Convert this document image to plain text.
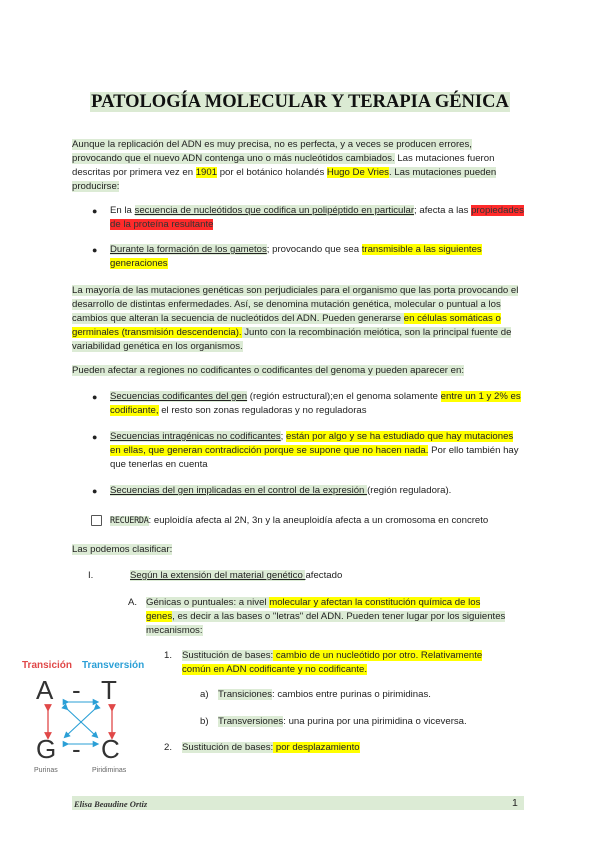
PATOLOGÍA MOLECULAR Y TERAPIA GÉNICA

Aunque la replicación del ADN es muy precisa, no es perfecta, y a veces se producen errores, provocando que el nuevo ADN contenga uno o más nucleótidos cambiados. Las mutaciones fueron descritas por primera vez en 1901 por el botánico holandés Hugo De Vries. Las mutaciones pueden producirse:

●	En la secuencia de nucleótidos que codifica un polipéptido en particular; afecta a las propiedades de la proteína resultante

●	Durante la formación de los gametos; provocando que sea transmisible a las siguientes generaciones

La mayoría de las mutaciones genéticas son perjudiciales para el organismo que las porta provocando el desarrollo de distintas enfermedades. Así, se denomina mutación genética, molecular o puntual a los cambios que alteran la secuencia de nucleótidos del ADN. Pueden generarse en células somáticas o germinales (transmisión descendencia). Junto con la recombinación meiótica, son la principal fuente de variabilidad genética en los organismos.

Pueden afectar a regiones no codificantes o codificantes del genoma y pueden aparecer en:

●	Secuencias codificantes del gen (región estructural);en el genoma solamente entre un 1 y 2% es codificante, el resto son zonas reguladoras y no reguladoras

●	Secuencias intragénicas no codificantes; están por algo y se ha estudiado que hay mutaciones en ellas, que generan contradicción porque se supone que no hacen nada. Por ello también hay que tenerlas en cuenta

●	Secuencias del gen implicadas en el control de la expresión (región reguladora).

RECUERDA: euploidía afecta al 2N, 3n y la aneuploidía afecta a un cromosoma en concreto

Las podemos clasificar:

I.	Según la extensión del material genético afectado

A. Génicas o puntuales: a nivel molecular y afectan la constitución química de los genes, es decir a las bases o "letras" del ADN. Pueden tener lugar por los siguientes mecanismos:

1. Sustitución de bases: cambio de un nucleótido por otro. Relativamente común en ADN codificante y no codificante.

a) Transiciones: cambios entre purinas o pirimidinas.

b) Transversiones: una purina por una pirimidina o viceversa.

2. Sustitución de bases: por desplazamiento

Transición Transversión
A - T
G - C
Purinas	Piridiminas
Elisa Beaudine Ortiz	1
